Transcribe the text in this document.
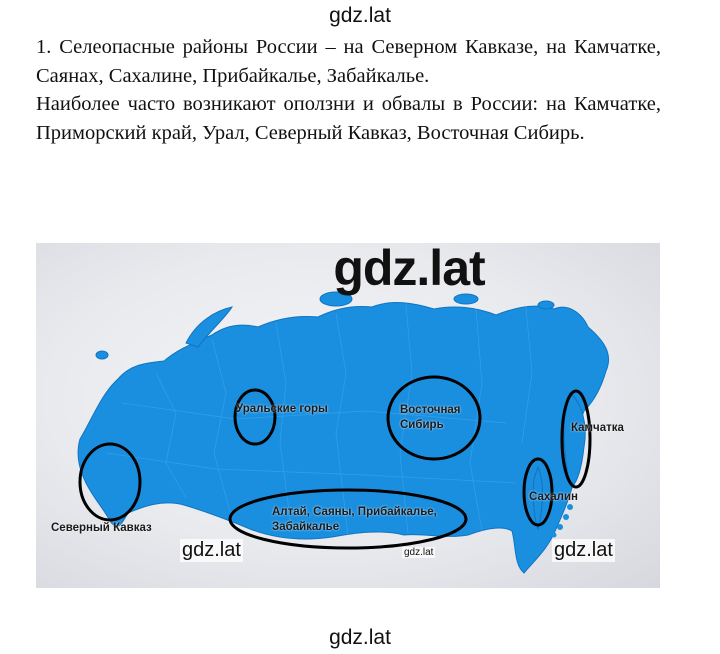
gdz.lat

1. Селеопасные районы России – на Северном Кавказе, на Камчатке, Саянах, Сахалине, Прибайкалье, Забайкалье.

Наиболее часто возникают оползни и обвалы в России: на Камчатке, Приморский край, Урал, Северный Кавказ, Восточная Сибирь.

gdz.lat
Уральские горы	Восточная Сибирь	Камчатка
Сахалин
Северный Кавказ
Алтай, Саяны, Прибайкалье, Забайкалье
gdz.lat	gdz.lat	gdz.lat
gdz.lat
